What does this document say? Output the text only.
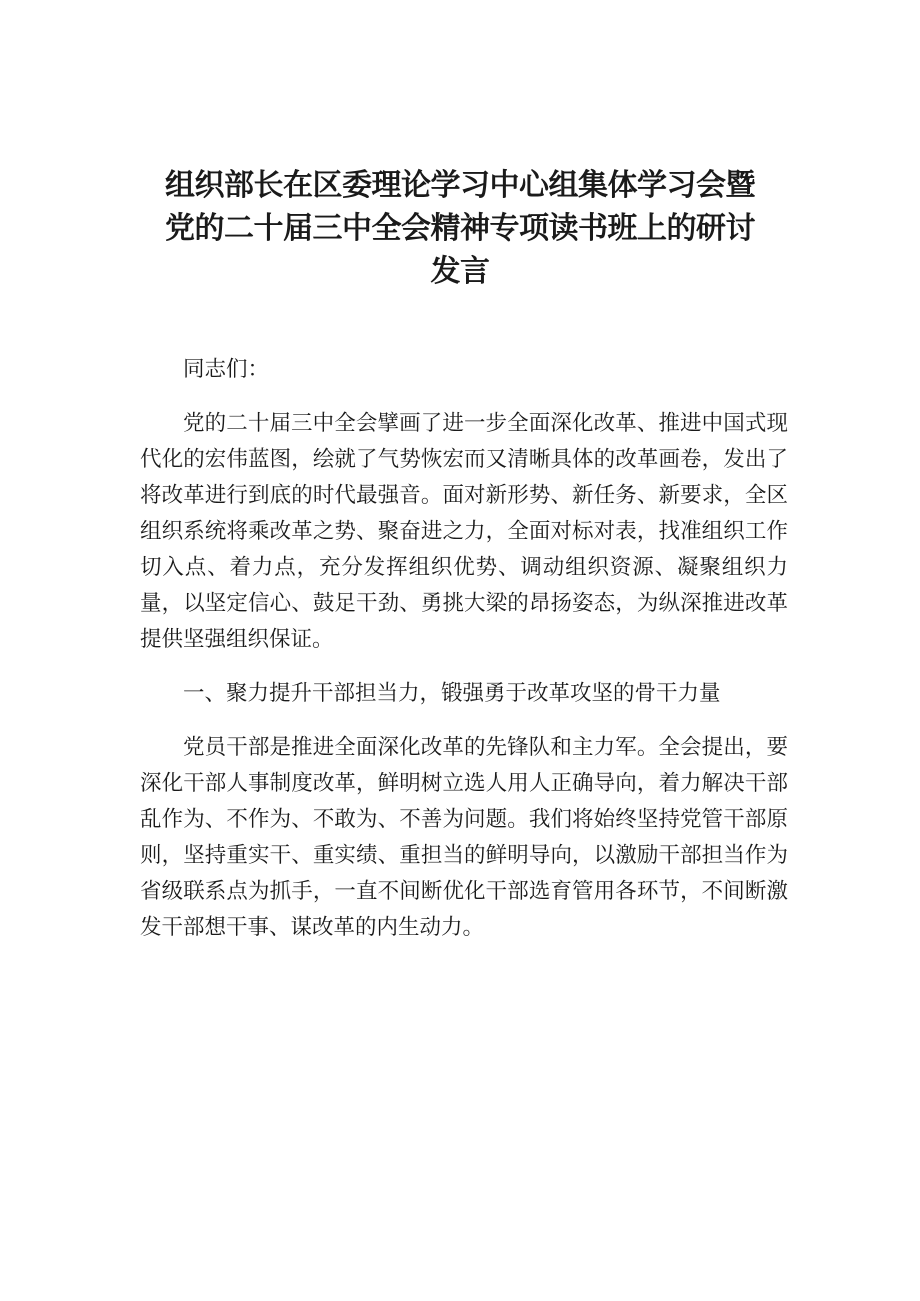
组织部长在区委理论学习中心组集体学习会暨
党的二十届三中全会精神专项读书班上的研讨
发言

同志们：

党的二十届三中全会擘画了进一步全面深化改革、推进中国式现代化的宏伟蓝图，绘就了气势恢宏而又清晰具体的改革画卷，发出了将改革进行到底的时代最强音。面对新形势、新任务、新要求，全区组织系统将乘改革之势、聚奋进之力，全面对标对表，找准组织工作切入点、着力点，充分发挥组织优势、调动组织资源、凝聚组织力量，以坚定信心、鼓足干劲、勇挑大梁的昂扬姿态，为纵深推进改革提供坚强组织保证。

一、聚力提升干部担当力，锻强勇于改革攻坚的骨干力量

党员干部是推进全面深化改革的先锋队和主力军。全会提出，要深化干部人事制度改革，鲜明树立选人用人正确导向，着力解决干部乱作为、不作为、不敢为、不善为问题。我们将始终坚持党管干部原则，坚持重实干、重实绩、重担当的鲜明导向，以激励干部担当作为省级联系点为抓手，一直不间断优化干部选育管用各环节，不间断激发干部想干事、谋改革的内生动力。
